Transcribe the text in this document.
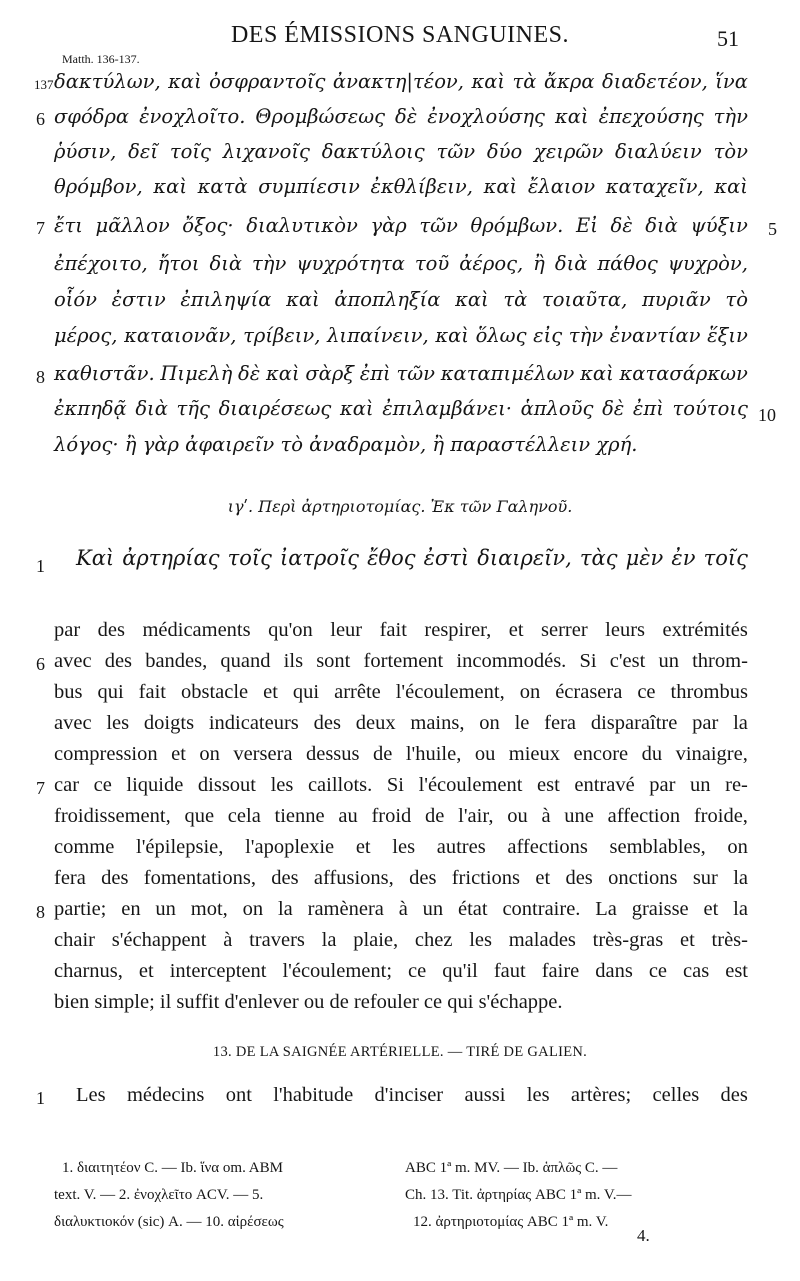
DES ÉMISSIONS SANGUINES.	51
Matth. 136-137.
137 δακτύλων, καὶ ὀσφραντοῖς ἀνακτη|τέον, καὶ τὰ ἄκρα διαδετέον, ἵνα
6 σφόδρα ἐνοχλοῖτο. Θρομβώσεως δὲ ἐνοχλούσης καὶ ἐπεχούσης τὴν
ῥύσιν, δεῖ τοῖς λιχανοῖς δακτύλοις τῶν δύο χειρῶν διαλύειν τὸν
θρόμβον, καὶ κατὰ συμπίεσιν ἐκθλίβειν, καὶ ἔλαιον καταχεῖν, καὶ
7 ἔτι μᾶλλον ὄξος· διαλυτικὸν γὰρ τῶν θρόμβων. Εἰ δὲ διὰ ψύξιν 5
ἐπέχοιτο, ἤτοι διὰ τὴν ψυχρότητα τοῦ ἀέρος, ἢ διὰ πάθος ψυχρὸν,
οἷόν ἐστιν ἐπιληψία καὶ ἀποπληξία καὶ τὰ τοιαῦτα, πυριᾶν τὸ
μέρος, καταιονᾶν, τρίβειν, λιπαίνειν, καὶ ὅλως εἰς τὴν ἐναντίαν ἕξιν
8 καθιστᾶν. Πιμελὴ δὲ καὶ σὰρξ ἐπὶ τῶν καταπιμέλων καὶ κατασάρκων
ἐκπηδᾷ διὰ τῆς διαιρέσεως καὶ ἐπιλαμβάνει· ἁπλοῦς δὲ ἐπὶ τούτοις 10
λόγος· ἢ γὰρ ἀφαιρεῖν τὸ ἀναδραμὸν, ἢ παραστέλλειν χρή.
ιγʹ. Περὶ ἀρτηριοτομίας. Ἐκ τῶν Γαληνοῦ.
1 Καὶ ἀρτηρίας τοῖς ἰατροῖς ἔθος ἐστὶ διαιρεῖν, τὰς μὲν ἐν τοῖς
par des médicaments qu'on leur fait respirer, et serrer leurs extrémités
6 avec des bandes, quand ils sont fortement incommodés. Si c'est un throm-
bus qui fait obstacle et qui arrête l'écoulement, on écrasera ce thrombus
avec les doigts indicateurs des deux mains, on le fera disparaître par la
compression et on versera dessus de l'huile, ou mieux encore du vinaigre,
7 car ce liquide dissout les caillots. Si l'écoulement est entravé par un re-
froidissement, que cela tienne au froid de l'air, ou à une affection froide,
comme l'épilepsie, l'apoplexie et les autres affections semblables, on
fera des fomentations, des affusions, des frictions et des onctions sur la
8 partie; en un mot, on la ramènera à un état contraire. La graisse et la
chair s'échappent à travers la plaie, chez les malades très-gras et très-
charnus, et interceptent l'écoulement; ce qu'il faut faire dans ce cas est
bien simple; il suffit d'enlever ou de refouler ce qui s'échappe.
13. DE LA SAIGNÉE ARTÉRIELLE. — TIRÉ DE GALIEN.
1 Les médecins ont l'habitude d'inciser aussi les artères; celles des
1. διαιτητέον C. — Ib. ἵνα om. ABM
text. V. — 2. ἐνοχλεῖτο ACV. — 5.
διαλυκτιοκόν (sic) A. — 10. αἱρέσεως
ABC 1ª m. MV. — Ib. ἁπλῶς C. —
Ch. 13. Tit. ἀρτηρίας ABC 1ª m. V.—
12. ἀρτηριοτομίας ABC 1ª m. V.
4.
